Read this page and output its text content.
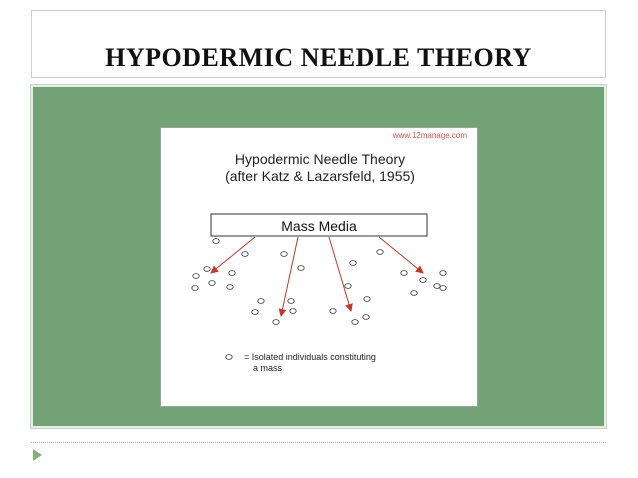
HYPODERMIC NEEDLE THEORY
www.12manage.com
Hypodermic Needle Theory
(after Katz & Lazarsfeld, 1955)
Mass Media
= Isolated individuals constituting
a mass
